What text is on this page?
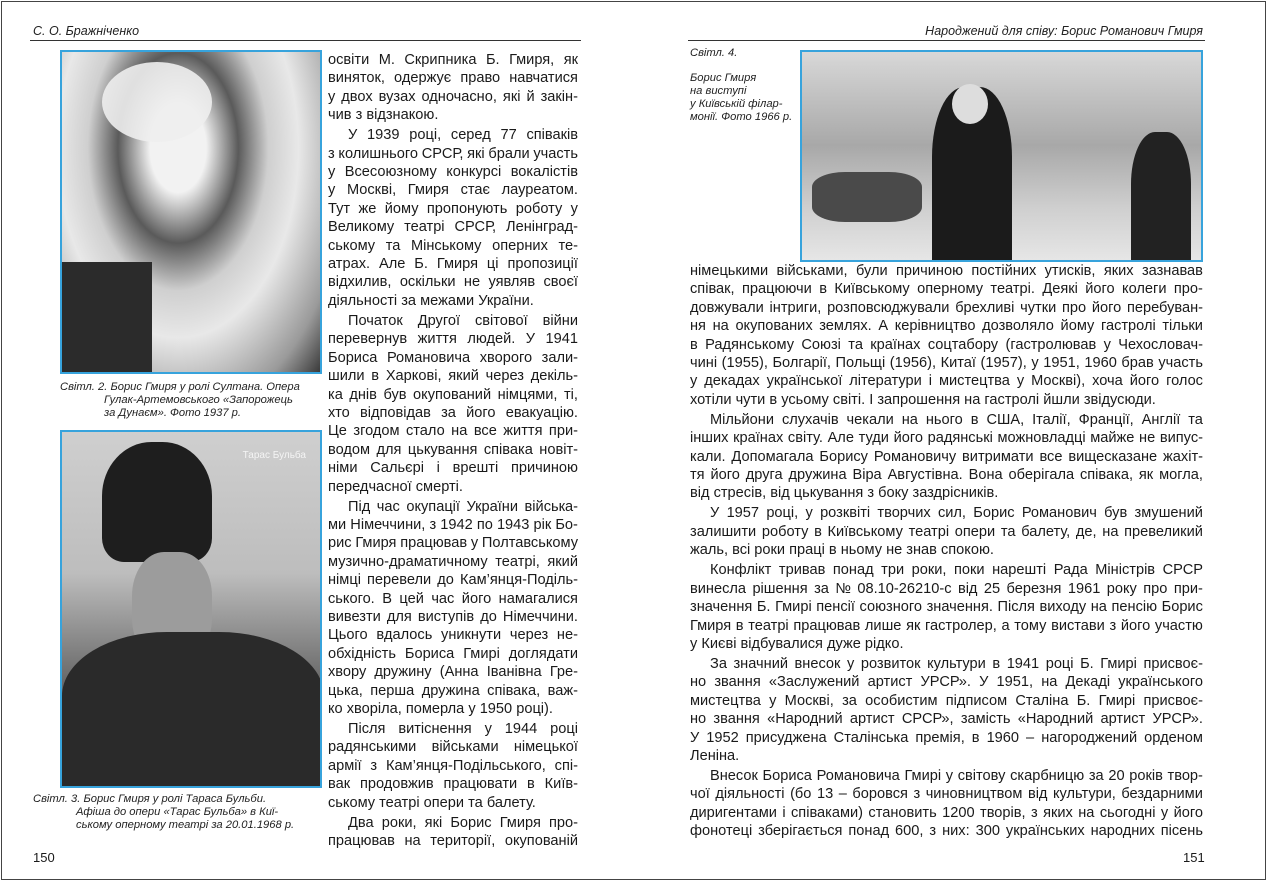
С. О. Бражніченко	Народжений для співу: Борис Романович Гмиря
Світл. 2. Борис Гмиря у ролі Султана. Опера
Гулак-Артемовського «Запорожець
за Дунаєм». Фото 1937 р.
Тарас Бульба
Світл. 3. Борис Гмиря у ролі Тараса Бульби.
Афіша до опери «Тарас Бульба» в Киї-
ському оперному театрі за 20.01.1968 р.
освіти М. Скрипника Б. Гмиря, як
виняток, одержує право навчатися
у двох вузах одночасно, які й закін-
чив з відзнакою.
У 1939 році, серед 77 співаків
з колишнього СРСР, які брали участь
у Всесоюзному конкурсі вокалістів
у Москві, Гмиря стає лауреатом.
Тут же йому пропонують роботу у
Великому театрі СРСР, Ленінград-
ському та Мінському оперних те-
атрах. Але Б. Гмиря ці пропозиції
відхилив, оскільки не уявляв своєї
діяльності за межами України.
Початок Другої світової війни
перевернув життя людей. У 1941
Бориса Романовича хворого зали-
шили в Харкові, який через декіль-
ка днів був окупований німцями, ті,
хто відповідав за його евакуацію.
Це згодом стало на все життя при-
водом для цькування співака новіт-
німи Сальєрі і врешті причиною
передчасної смерті.
Під час окупації України військa-
ми Німеччини, з 1942 по 1943 рік Бо-
рис Гмиря працював у Полтавському
музично-драматичному театрі, який
німці перевели до Кам’янця-Поділь-
ського. В цей час його намагалися
вивезти для виступів до Німеччини.
Цього вдалось уникнути через не-
обхідність Бориса Гмирі доглядати
хвору дружину (Анна Іванівна Гре-
цька, перша дружина співака, важ-
ко хворіла, померла у 1950 році).
Після витіснення у 1944 році
радянськими військами німецької
армії з Кам’янця-Подільського, спі-
вак продовжив працювати в Київ-
ському театрі опери та балету.
Два роки, які Борис Гмиря про-
працював на території, окупованій
Світл. 4.
Борис Гмиря
на виступі
у Київській філар-
монії. Фото 1966 р.
німецькими військами, були причиною постійних утисків, яких зазнавав
співак, працюючи в Київському оперному театрі. Деякі його колеги про-
довжували інтриги, розповсюджували брехливі чутки про його перебуван-
ня на окупованих землях. А керівництво дозволяло йому гастролі тільки
в Радянському Союзі та країнах соцтабору (гастролював у Чехословач-
чині (1955), Болгарії, Польщі (1956), Китаї (1957), у 1951, 1960 брав участь
у декадах української літератури і мистецтва у Москві), хоча його голос
хотіли чути в усьому світі. І запрошення на гастролі йшли звідусюди.
Мільйони слухачів чекали на нього в США, Італії, Франції, Англії та
інших країнах світу. Але туди його радянські можновладці майже не випус-
кали. Допомагала Борису Романовичу витримати все вищесказане жахіт-
тя його друга дружина Віра Августівна. Вона оберігала співака, як могла,
від стресів, від цькування з боку заздрісників.
У 1957 році, у розквіті творчих сил, Борис Романович був змушений
залишити роботу в Київському театрі опери та балету, де, на превеликий
жаль, всі роки праці в ньому не знав спокою.
Конфлікт тривав понад три роки, поки нарешті Рада Міністрів СРСР
винесла рішення за № 08.10-26210-с від 25 березня 1961 року про при-
значення Б. Гмирі пенсії союзного значення. Після виходу на пенсію Борис
Гмиря в театрі працював лише як гастролер, а тому вистави з його участю
у Києві відбувалися дуже рідко.
За значний внесок у розвиток культури в 1941 році Б. Гмирі присвоє-
но звання «Заслужений артист УРСР». У 1951, на Декаді українського
мистецтва у Москві, за особистим підписом Сталіна Б. Гмирі присвоє-
но звання «Народний артист СРСР», замість «Народний артист УРСР».
У 1952 присуджена Сталінська премія, в 1960 – нагороджений орденом
Леніна.
Внесок Бориса Романовича Гмирі у світову скарбницю за 20 років твор-
чої діяльності (бо 13 – боровся з чиновництвом від культури, бездарними
диригентами і співаками) становить 1200 творів, з яких на сьогодні у його
фонотеці зберігається понад 600, з них: 300 українських народних пісень
150	151
